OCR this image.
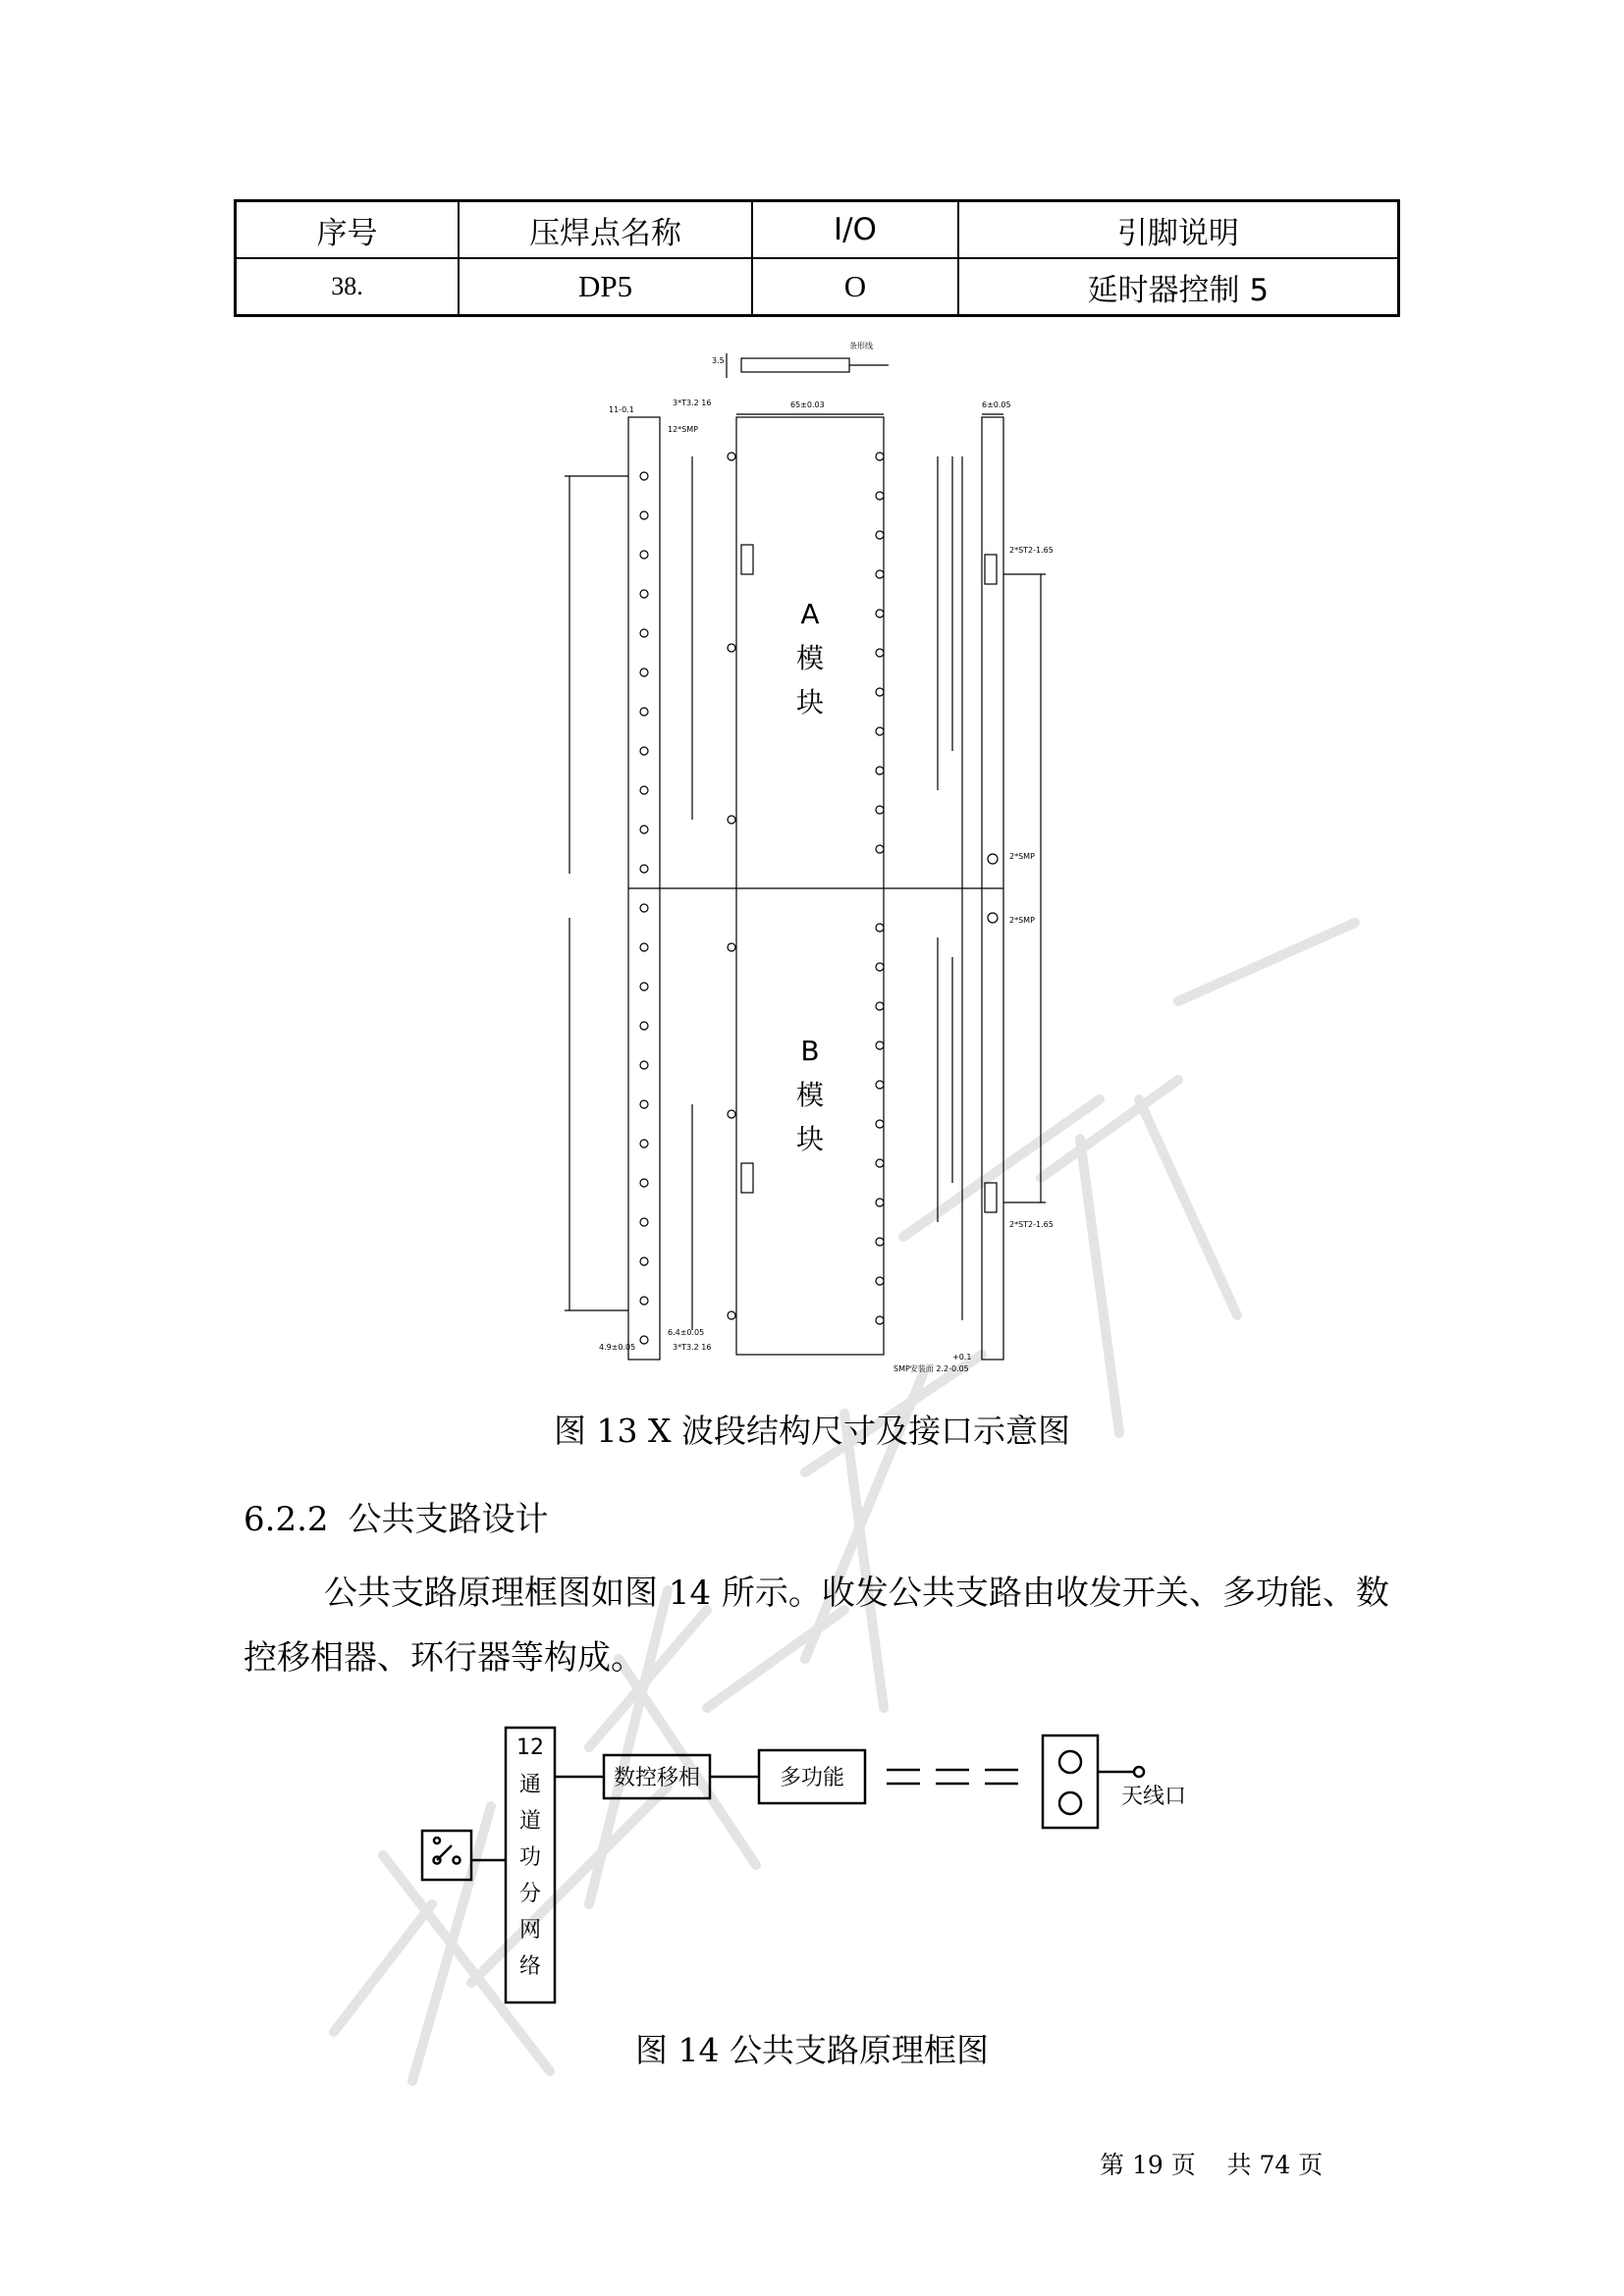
序号	压焊点名称	I/O	引脚说明
38.	DP5	O	延时器控制 5
条形线
3.5
65±0.03	6±0.05
11-0.1
3*T3.2 16
12*SMP
2*ST2-1.65
2*ST2-1.65
2*SMP
2*SMP
3*T3.2 16
6.4±0.05
4.9±0.05
+0.1
SMP安装面 2.2-0.05
A
模
块
B
模
块
图 13 X 波段结构尺寸及接口示意图
6.2.2 公共支路设计
公共支路原理框图如图 14 所示。收发公共支路由收发开关、多功能、数控移相器、环行器等构成。
12
通
道
功
分
网
络
数控移相	多功能
天线口
图 14 公共支路原理框图
第 19 页    共 74 页
